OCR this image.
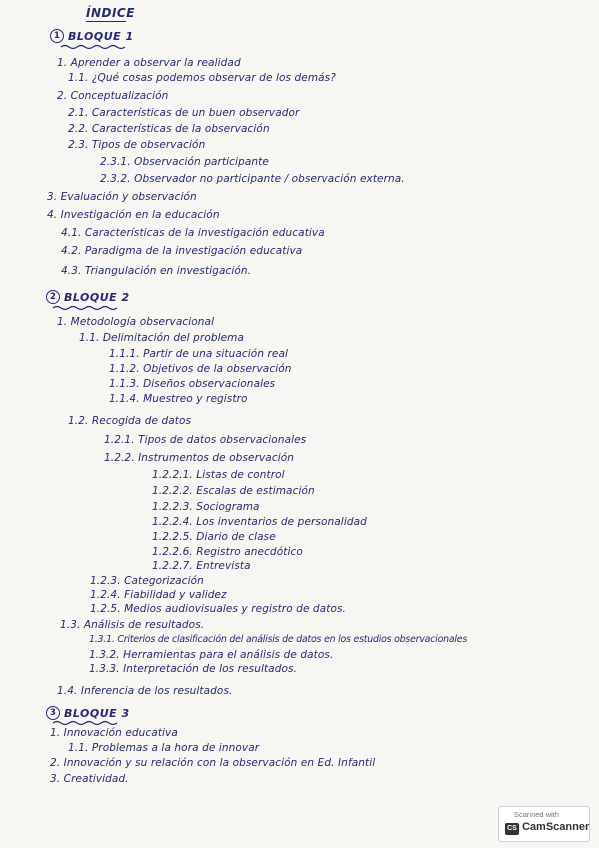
ÍNDICE
1 BLOQUE 1
1. Aprender a observar la realidad
1.1. ¿Qué cosas podemos observar de los demás?
2. Conceptualización
2.1. Características de un buen observador
2.2. Características de la observación
2.3. Tipos de observación
2.3.1. Observación participante
2.3.2. Observador no participante / observación externa.
3. Evaluación y observación
4. Investigación en la educación
4.1. Características de la investigación educativa
4.2. Paradigma de la investigación educativa
4.3. Triangulación en investigación.
2 BLOQUE 2
1. Metodología observacional
1.1. Delimitación del problema
1.1.1. Partir de una situación real
1.1.2. Objetivos de la observación
1.1.3. Diseños observacionales
1.1.4. Muestreo y registro
1.2. Recogida de datos
1.2.1. Tipos de datos observacionales
1.2.2. Instrumentos de observación
1.2.2.1. Listas de control
1.2.2.2. Escalas de estimación
1.2.2.3. Sociograma
1.2.2.4. Los inventarios de personalidad
1.2.2.5. Diario de clase
1.2.2.6. Registro anecdótico
1.2.2.7. Entrevista
1.2.3. Categorización
1.2.4. Fiabilidad y validez
1.2.5. Medios audiovisuales y registro de datos.
1.3. Análisis de resultados.
1.3.1. Criterios de clasificación del análisis de datos en los estudios observacionales
1.3.2. Herramientas para el análisis de datos.
1.3.3. Interpretación de los resultados.
1.4. Inferencia de los resultados.
3 BLOQUE 3
1. Innovación educativa
1.1. Problemas a la hora de innovar
2. Innovación y su relación con la observación en Ed. Infantil
3. Creatividad.
Scanned with
CS CamScanner
